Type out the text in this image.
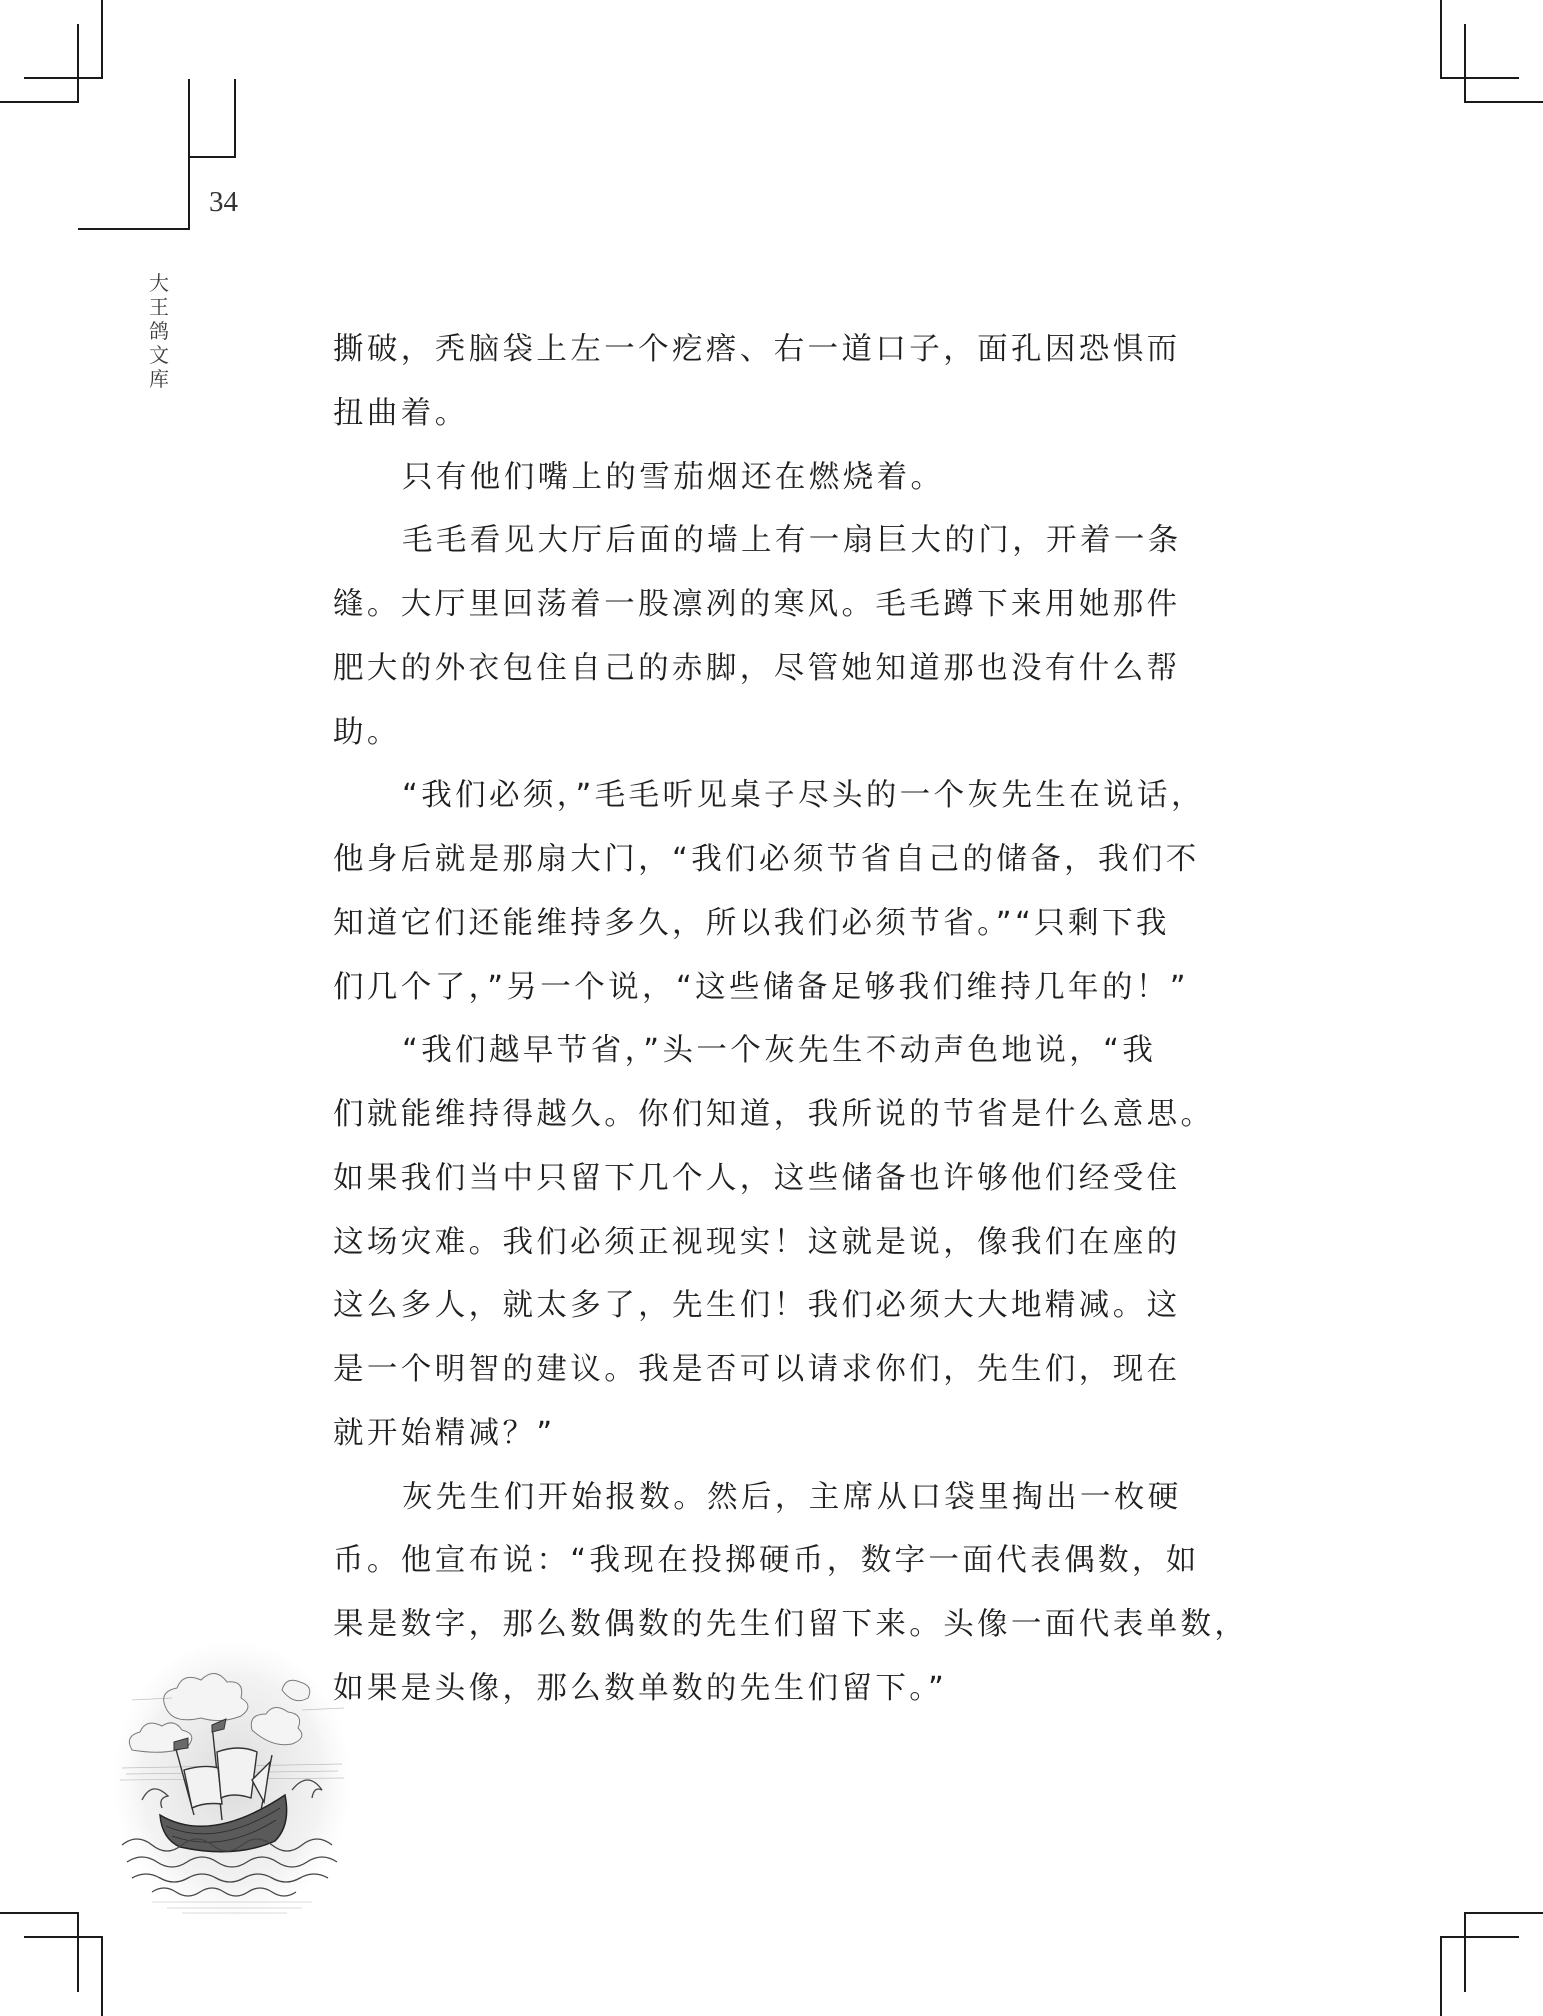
34
大
王
鸽
文
库
撕破，秃脑袋上左一个疙瘩、右一道口子，面孔因恐惧而
扭曲着。
只有他们嘴上的雪茄烟还在燃烧着。
毛毛看见大厅后面的墙上有一扇巨大的门，开着一条
缝。大厅里回荡着一股凛冽的寒风。毛毛蹲下来用她那件
肥大的外衣包住自己的赤脚，尽管她知道那也没有什么帮
助。
“我们必须，”毛毛听见桌子尽头的一个灰先生在说话，
他身后就是那扇大门，“我们必须节省自己的储备，我们不
知道它们还能维持多久，所以我们必须节省。”“只剩下我
们几个了，”另一个说，“这些储备足够我们维持几年的！”
“我们越早节省，”头一个灰先生不动声色地说，“我
们就能维持得越久。你们知道，我所说的节省是什么意思。
如果我们当中只留下几个人，这些储备也许够他们经受住
这场灾难。我们必须正视现实！这就是说，像我们在座的
这么多人，就太多了，先生们！我们必须大大地精减。这
是一个明智的建议。我是否可以请求你们，先生们，现在
就开始精减？”
灰先生们开始报数。然后，主席从口袋里掏出一枚硬
币。他宣布说：“我现在投掷硬币，数字一面代表偶数，如
果是数字，那么数偶数的先生们留下来。头像一面代表单数，
如果是头像，那么数单数的先生们留下。”
